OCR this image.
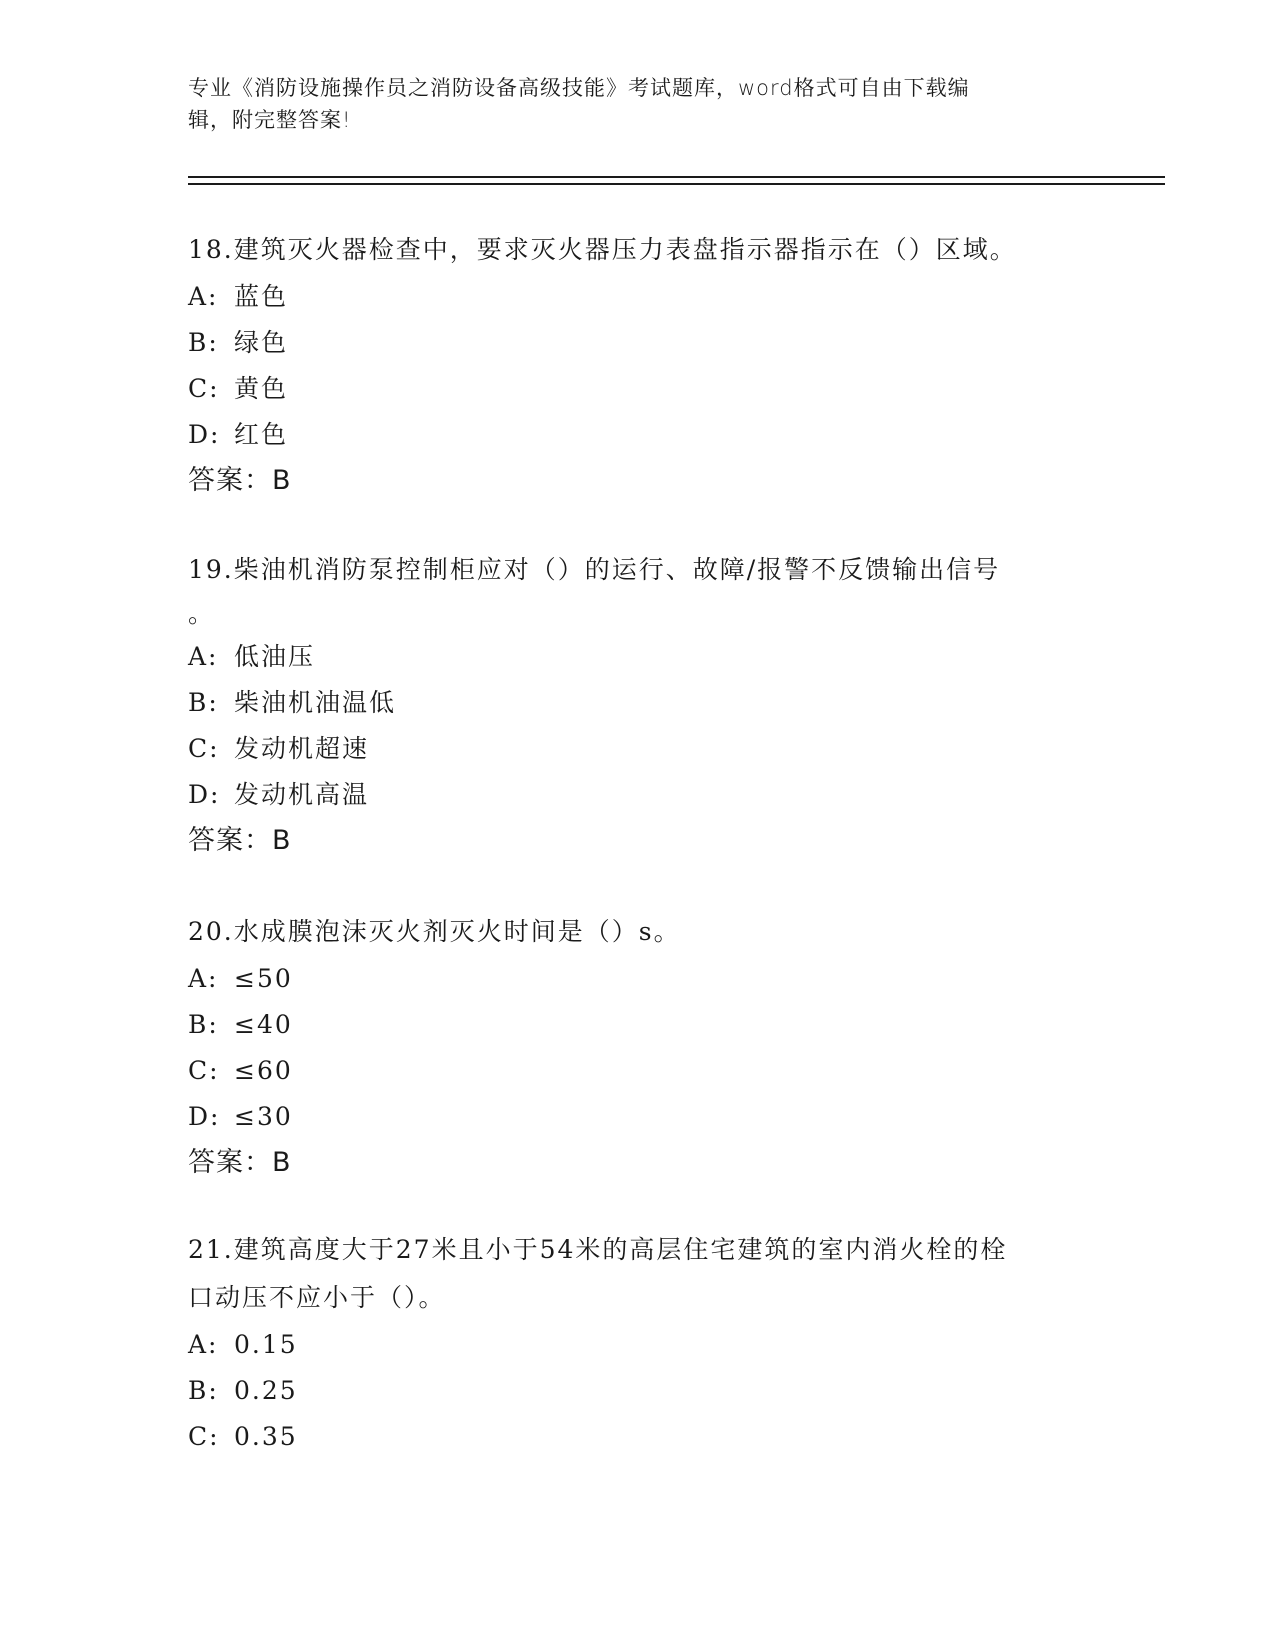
专业《消防设施操作员之消防设备高级技能》考试题库，word格式可自由下载编
辑，附完整答案!

18.建筑灭火器检查中，要求灭火器压力表盘指示器指示在（）区域。

A: 蓝色

B: 绿色

C: 黄色

D: 红色

答案：B

19.柴油机消防泵控制柜应对（）的运行、故障/报警不反馈输出信号

。

A: 低油压

B: 柴油机油温低

C: 发动机超速

D: 发动机高温

答案：B

20.水成膜泡沫灭火剂灭火时间是（）s。

A: ≤50

B: ≤40

C: ≤60

D: ≤30

答案：B

21.建筑高度大于27米且小于54米的高层住宅建筑的室内消火栓的栓

口动压不应小于（）。

A: 0.15

B: 0.25

C: 0.35
